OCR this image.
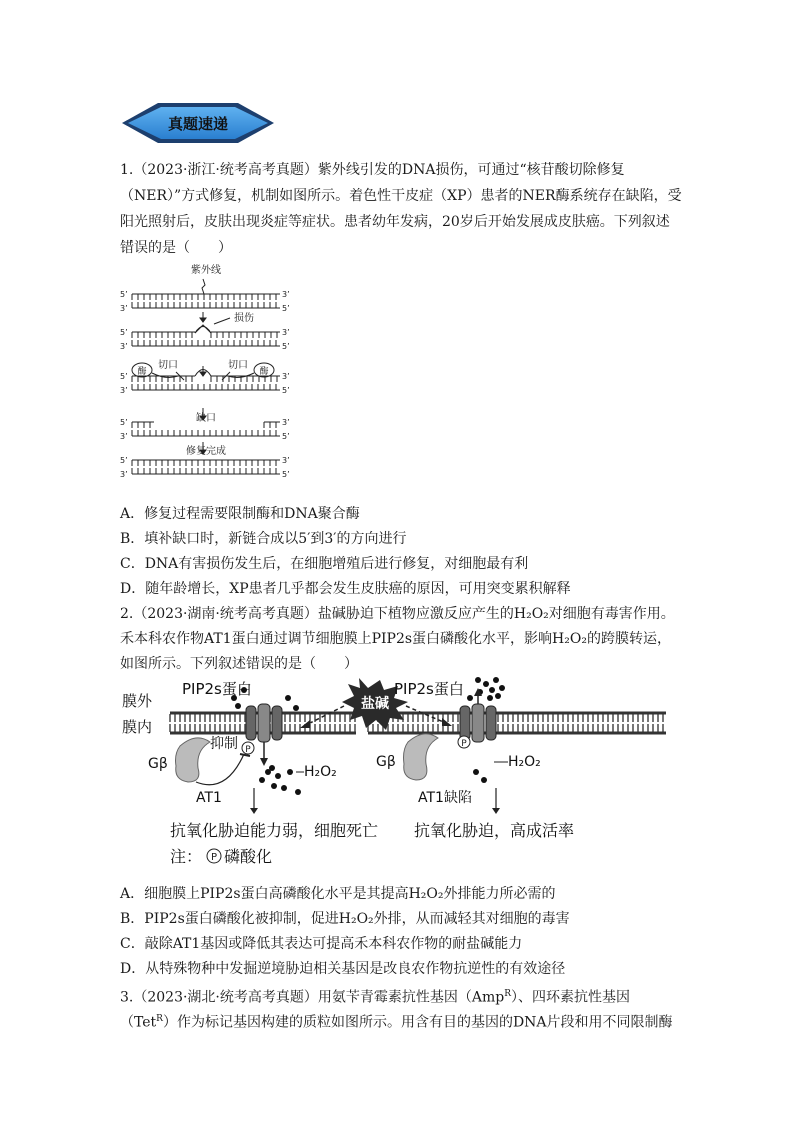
真题速递
1.（2023·浙江·统考高考真题）紫外线引发的DNA损伤，可通过“核苷酸切除修复
（NER）”方式修复，机制如图所示。着色性干皮症（XP）患者的NER酶系统存在缺陷，受
阳光照射后，皮肤出现炎症等症状。患者幼年发病，20岁后开始发展成皮肤癌。下列叙述
·· 错误的是（　　）
5’	3’
3’	5’
5’	3’
3’	5’
5’	3’
3’	5’
5’	3’
3’	5’
5’	3’
3’	5’
紫外线
损伤
酶	酶
切口	切口
缺口
修复完成
A．修复过程需要限制酶和DNA聚合酶
B．填补缺口时，新链合成以5′到3′的方向进行
C．DNA有害损伤发生后，在细胞增殖后进行修复，对细胞最有利
D．随年龄增长，XP患者几乎都会发生皮肤癌的原因，可用突变累积解释
2.（2023·湖南·统考高考真题）盐碱胁迫下植物应激反应产生的H₂O₂对细胞有毒害作用。
禾本科农作物AT1蛋白通过调节细胞膜上PIP2s蛋白磷酸化水平，影响H₂O₂的跨膜转运，
如图所示。下列叙述错误的是（　　）
膜外
膜内
盐碱
PIP2s蛋白	PIP2s蛋白
P
P
Gβ	Gβ
抑制
AT1	AT1缺陷
H₂O₂
H₂O₂
抗氧化胁迫能力弱，细胞死亡 抗氧化胁迫，高成活率
注： P 磷酸化
A．细胞膜上PIP2s蛋白高磷酸化水平是其提高H₂O₂外排能力所必需的
B．PIP2s蛋白磷酸化被抑制，促进H₂O₂外排，从而减轻其对细胞的毒害
C．敲除AT1基因或降低其表达可提高禾本科农作物的耐盐碱能力
D．从特殊物种中发掘逆境胁迫相关基因是改良农作物抗逆性的有效途径
3.（2023·湖北·统考高考真题）用氨苄青霉素抗性基因（Amp$^R$）、四环素抗性基因
（Tet$^R$）作为标记基因构建的质粒如图所示。用含有目的基因的DNA片段和用不同限制酶
